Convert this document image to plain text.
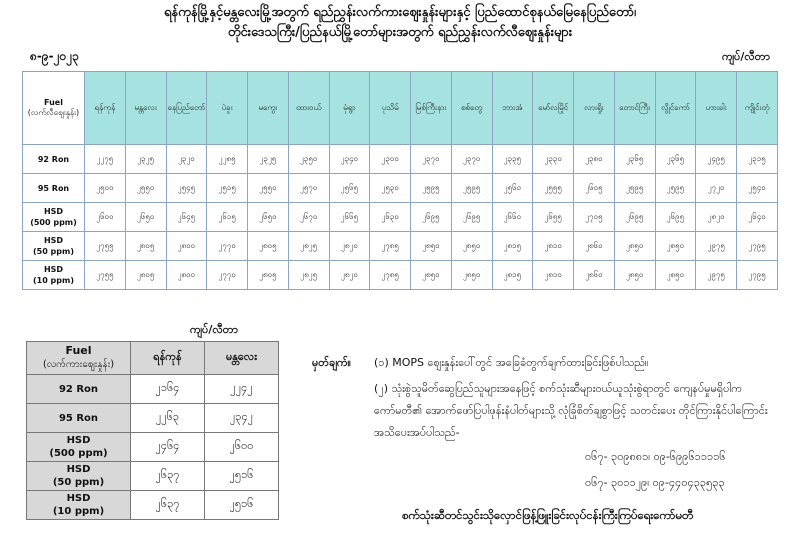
ရန်ကုန်မြို့နှင့်မန္တလေးမြို့အတွက် ရည်ညွှန်းလက်ကားဈေးနှုန်းများနှင့် ပြည်ထောင်စုနယ်မြေနေပြည်တော်၊
တိုင်းဒေသကြီး/ပြည်နယ်မြို့တော်များအတွက် ရည်ညွှန်းလက်လီဈေးနှုန်းများ
၈-၉-၂၀၂၃	ကျပ်/လီတာ
Fuel
(လက်လီဈေးနှုန်း)	ရန်ကုန်	မန္တလေး	နေပြည်တော်	ပဲခူး	မကွေး	ထားဝယ်	မုံရွာ	ပုသိမ်	မြစ်ကြီးနား	စစ်တွေ	ဘားအံ	မော်လမြိုင်	လားရှိုး	တောင်ကြီး	လွိုင်ကော်	ဟားခါး	ကျိုင်းတုံ

92 Ron	၂၂၇၅	၂၃၂၅	၂၃၂၀	၂၂၈၅	၂၃၂၅	၂၃၅၀	၂၃၄၀	၂၃၀၀	၂၃၇၀	၂၃၇၀	၂၃၃၅	၂၃၃၀	၂၃၈၀	၂၃၆၅	၂၃၆၅	၂၄၉၅	၂၃၁၅

95 Ron	၂၅၀၀	၂၅၅၀	၂၅၄၅	၂၅၁၅	၂၅၅၀	၂၅၇၀	၂၅၆၅	၂၅၃၀	၂၅၉၅	၂၅၉၅	၂၅၆၀	၂၅၅၅	၂၆၀၅	၂၅၉၅	၂၅၉၅	၂၇၂၀	၂၅၄၀

HSD
(500 ppm)	၂၆၀၀	၂၆၅၀	၂၆၄၅	၂၆၁၅	၂၆၅၀	၂၆၇၀	၂၆၆၅	၂၆၃၀	၂၆၉၅	၂၆၉၅	၂၆၆၀	၂၆၅၅	၂၇၀၅	၂၆၉၅	၂၆၉၅	၂၈၂၀	၂၆၄၀

HSD
(50 ppm)	၂၇၅၅	၂၈၀၅	၂၈၀၀	၂၇၇၀	၂၈၀၅	၂၈၂၅	၂၈၂၀	၂၇၈၅	၂၈၅၀	၂၈၅၀	၂၈၁၅	၂၈၁၀	၂၈၆၀	၂၈၅၀	၂၈၅၀	၂၉၇၅	၂၇၉၅

HSD
(10 ppm)	၂၇၅၅	၂၈၀၅	၂၈၀၀	၂၇၇၀	၂၈၀၅	၂၈၂၅	၂၈၂၀	၂၇၈၅	၂၈၅၀	၂၈၅၀	၂၈၁၅	၂၈၁၀	၂၈၆၀	၂၈၅၀	၂၈၅၀	၂၉၇၅	၂၇၉၅
ကျပ်/လီတာ
Fuel
(လက်ကားဈေးနှုန်း)	ရန်ကုန်	မန္တလေး

92 Ron	၂၁၆၄	၂၂၄၂

95 Ron	၂၂၆၃	၂၃၄၂

HSD
(500 ppm)	၂၄၆၄	၂၆၀၀

HSD
(50 ppm)	၂၆၃၇	၂၅၁၆

HSD
(10 ppm)	၂၆၃၇	၂၅၁၆
မှတ်ချက်။ (၁) MOPS ဈေးနှုန်းပေါ်တွင် အခြေခံတွက်ချက်ထားခြင်းဖြစ်ပါသည်။
(၂) သုံးစွဲသူမိတ်ဆွေပြည်သူများအနေဖြင့် စက်သုံးဆီများဝယ်ယူသုံးစွဲရာတွင် ကျေနပ်မှုမရှိပါက ကော်မတီ၏ အောက်ဖော်ပြပါဖုန်းနံပါတ်များသို့ လုံခြုံစိတ်ချစွာဖြင့် သတင်းပေး တိုင်ကြားနိုင်ပါကြောင်း အသိပေးအပ်ပါသည်-
၀၆၇- ၃၀၉၈၈၁၊ ၀၉-၆၉၉၆၁၁၁၁၆
၀၆၇- ၃၀၁၁၂၉၊ ၀၉-၄၄၀၄၃၃၅၃၃
စက်သုံးဆီတင်သွင်းသိုလှောင်ဖြန့်ဖြူးခြင်းလုပ်ငန်းကြီးကြပ်ရေးကော်မတီ
